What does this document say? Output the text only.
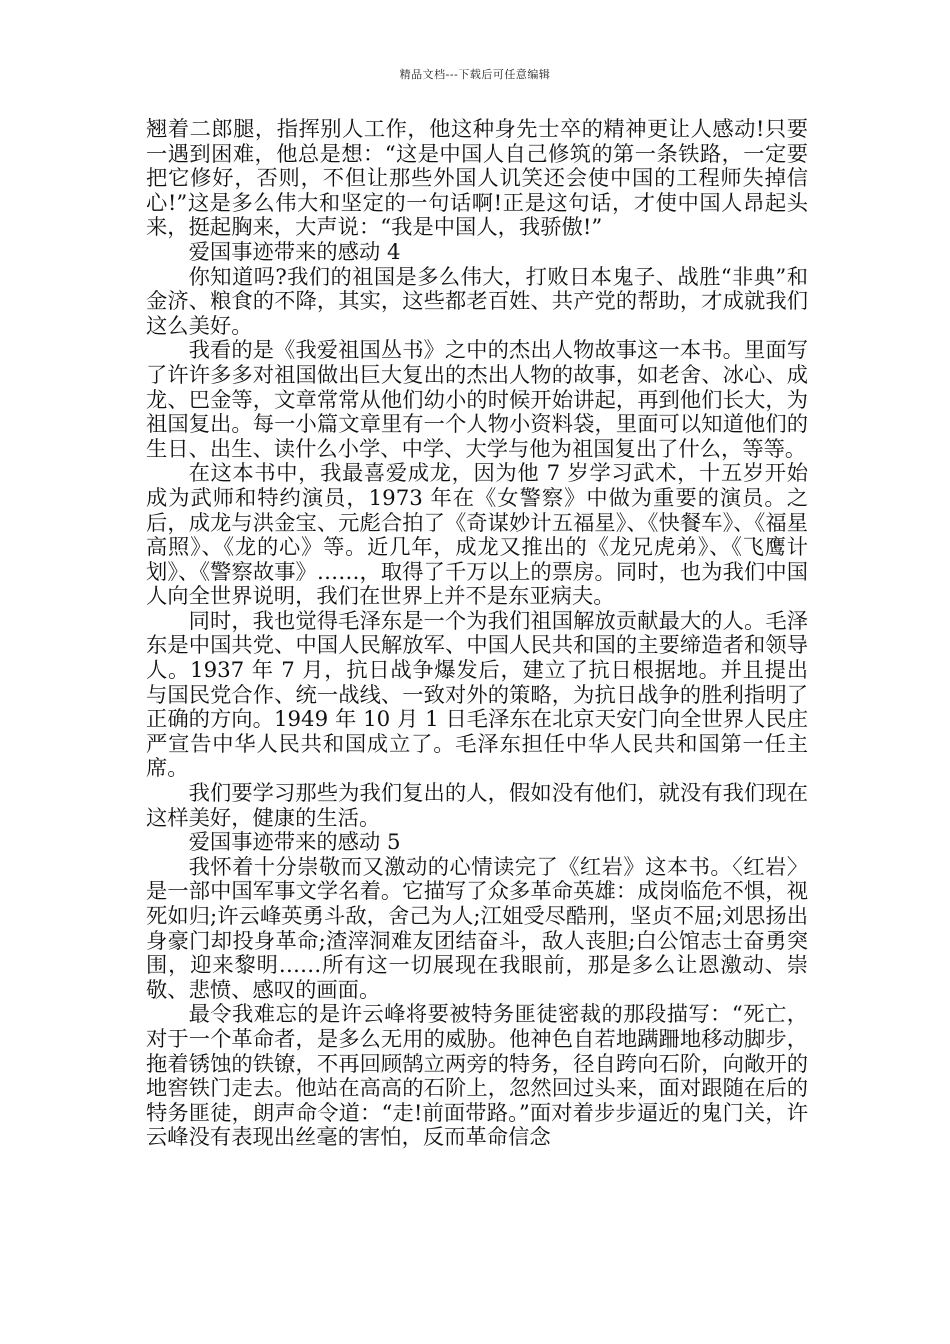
精品文档---下载后可任意编辑

翘着二郎腿，指挥别人工作，他这种身先士卒的精神更让人感动!只要一遇到困难，他总是想：“这是中国人自己修筑的第一条铁路，一定要把它修好，否则，不但让那些外国人讥笑还会使中国的工程师失掉信心!”这是多么伟大和坚定的一句话啊!正是这句话，才使中国人昂起头来，挺起胸来，大声说：“我是中国人，我骄傲!”

爱国事迹带来的感动 4

你知道吗?我们的祖国是多么伟大，打败日本鬼子、战胜“非典”和金济、粮食的不降，其实，这些都老百姓、共产党的帮助，才成就我们这么美好。

我看的是《我爱祖国丛书》之中的杰出人物故事这一本书。里面写了许许多多对祖国做出巨大复出的杰出人物的故事，如老舍、冰心、成龙、巴金等，文章常常从他们幼小的时候开始讲起，再到他们长大，为祖国复出。每一小篇文章里有一个人物小资料袋，里面可以知道他们的生日、出生、读什么小学、中学、大学与他为祖国复出了什么，等等。

在这本书中，我最喜爱成龙，因为他 7 岁学习武术，十五岁开始成为武师和特约演员，1973 年在《女警察》中做为重要的演员。之后，成龙与洪金宝、元彪合拍了《奇谋妙计五福星》、《快餐车》、《福星高照》、《龙的心》等。近几年，成龙又推出的《龙兄虎弟》、《飞鹰计划》、《警察故事》……，取得了千万以上的票房。同时，也为我们中国人向全世界说明，我们在世界上并不是东亚病夫。

同时，我也觉得毛泽东是一个为我们祖国解放贡献最大的人。毛泽东是中国共党、中国人民解放军、中国人民共和国的主要缔造者和领导人。1937 年 7 月，抗日战争爆发后，建立了抗日根据地。并且提出与国民党合作、统一战线、一致对外的策略，为抗日战争的胜利指明了正确的方向。1949 年 10 月 1 日毛泽东在北京天安门向全世界人民庄严宣告中华人民共和国成立了。毛泽东担任中华人民共和国第一任主席。

我们要学习那些为我们复出的人，假如没有他们，就没有我们现在这样美好，健康的生活。

爱国事迹带来的感动 5

我怀着十分崇敬而又激动的心情读完了《红岩》这本书。〈红岩〉是一部中国军事文学名着。它描写了众多革命英雄：成岗临危不惧，视死如归;许云峰英勇斗敌，舍己为人;江姐受尽酷刑，坚贞不屈;刘思扬出身豪门却投身革命;渣滓洞难友团结奋斗，敌人丧胆;白公馆志士奋勇突围，迎来黎明……所有这一切展现在我眼前，那是多么让恩激动、崇敬、悲愤、感叹的画面。

最令我难忘的是许云峰将要被特务匪徒密裁的那段描写：“死亡，对于一个革命者，是多么无用的威胁。他神色自若地蹒跚地移动脚步，拖着锈蚀的铁镣，不再回顾鹄立两旁的特务，径自跨向石阶，向敞开的地窖铁门走去。他站在高高的石阶上，忽然回过头来，面对跟随在后的特务匪徒，朗声命令道：“走!前面带路。”面对着步步逼近的鬼门关，许云峰没有表现出丝毫的害怕，反而革命信念
